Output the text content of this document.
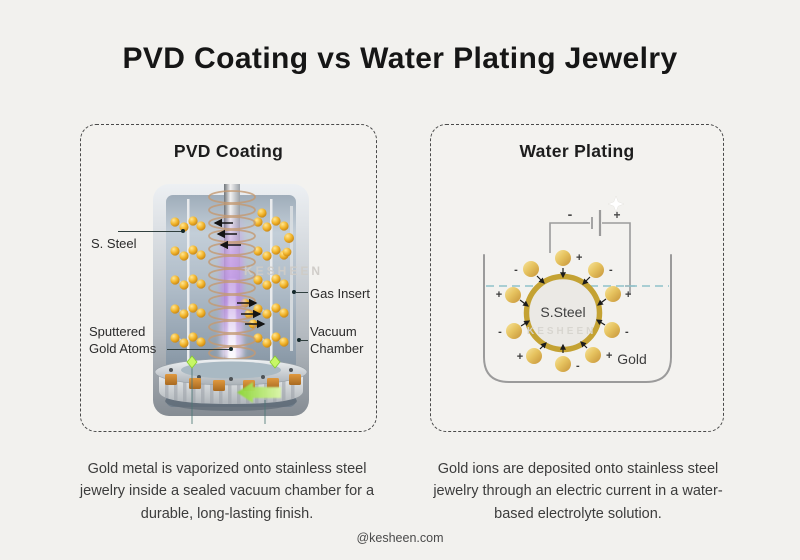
PVD Coating vs Water Plating Jewelry
PVD Coating
KESHEEN
S. Steel
Gas Insert
Sputtered Gold Atoms
Vacuum Chamber
Water Plating
-	+
S.Steel
+
-	-
+	+
-	-
+
-
+ Gold
KESHEEN
Gold metal is vaporized onto stainless steel jewelry inside a sealed vacuum chamber for a durable, long-lasting finish.
Gold ions are deposited onto stainless steel jewelry through an electric current in a water-based electrolyte solution.
@kesheen.com
